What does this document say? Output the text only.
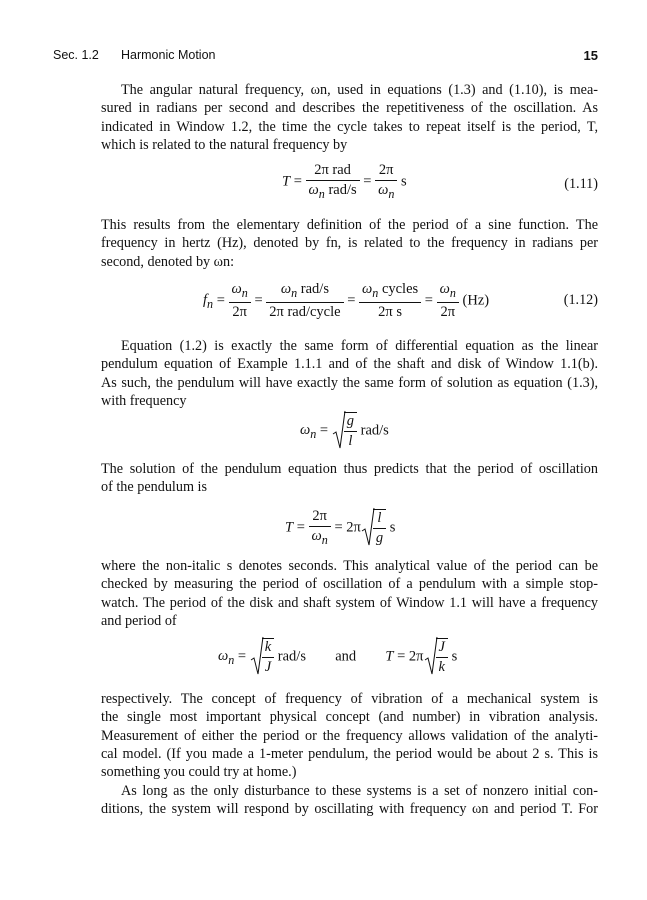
Sec. 1.2 Harmonic Motion	15
The angular natural frequency, ωn, used in equations (1.3) and (1.10), is mea-
sured in radians per second and describes the repetitiveness of the oscillation. As
indicated in Window 1.2, the time the cycle takes to repeat itself is the period, T,
which is related to the natural frequency by
$T = \frac{\text{2π rad}}{\omega_n rad/s} = \frac{2\pi}{\omega_n}$ s	(1.11)
This results from the elementary definition of the period of a sine function. The
frequency in hertz (Hz), denoted by fn, is related to the frequency in radians per
second, denoted by ωn:
$f_n = \frac{\omega_n}{2\pi} = \frac{\omega_n rad/s}{\text{2π rad/cycle}} = \frac{\omega_n cycles}{\text{2π s}} = \frac{\omega_n}{2\pi} (Hz)$	(1.12)
Equation (1.2) is exactly the same form of differential equation as the linear
pendulum equation of Example 1.1.1 and of the shaft and disk of Window 1.1(b).
As such, the pendulum will have exactly the same form of solution as equation (1.3),
with frequency
$\omega_n = \frac{g}{l} rad/s$
The solution of the pendulum equation thus predicts that the period of oscillation
of the pendulum is
$T = \frac{2\pi}{\omega_n} = 2\pi \frac{l}{g}$ s
where the non-italic s denotes seconds. This analytical value of the period can be
checked by measuring the period of oscillation of a pendulum with a simple stop-
watch. The period of the disk and shaft system of Window 1.1 will have a frequency
and period of
$\omega_n = \frac{k}{J} rad/s$  and $T = 2\pi \frac{J}{k}$ s
respectively. The concept of frequency of vibration of a mechanical system is
the single most important physical concept (and number) in vibration analysis.
Measurement of either the period or the frequency allows validation of the analyti-
cal model. (If you made a 1-meter pendulum, the period would be about 2 s. This is
something you could try at home.)
As long as the only disturbance to these systems is a set of nonzero initial con-
ditions, the system will respond by oscillating with frequency ωn and period T. For
